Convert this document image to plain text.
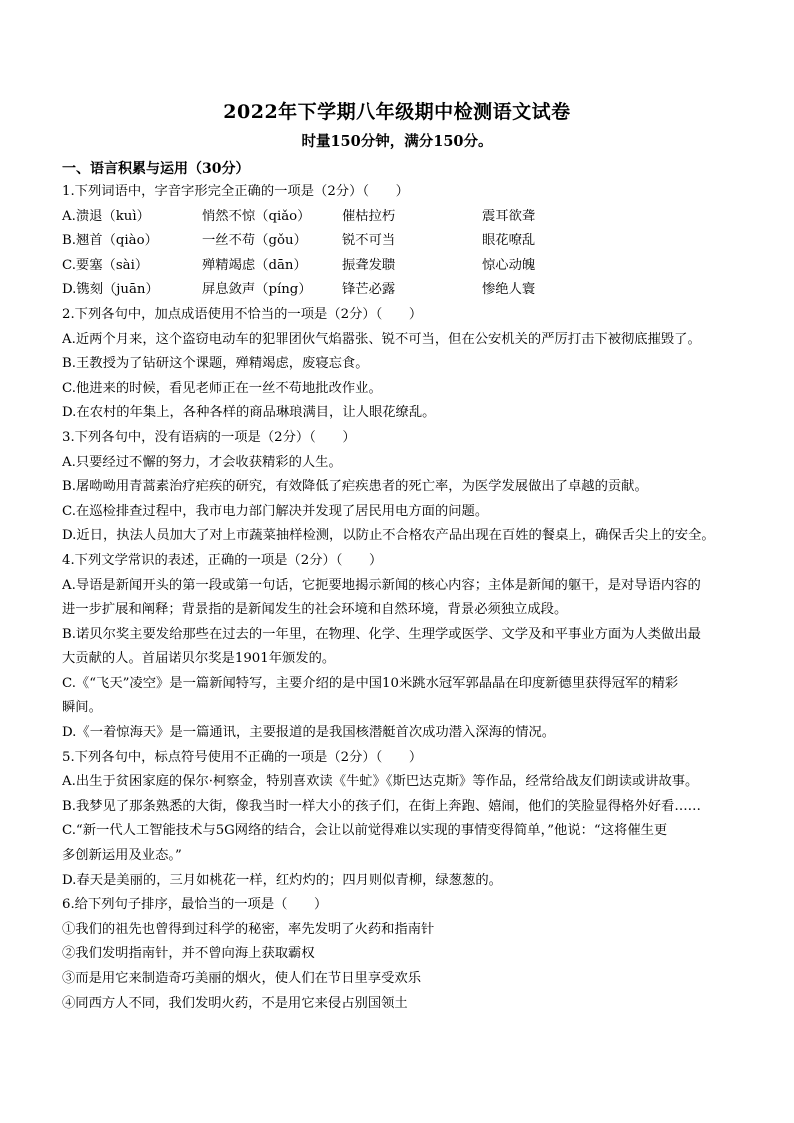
2022年下学期八年级期中检测语文试卷
时量150分钟，满分150分。
一、语言积累与运用（30分）
1.下列词语中，字音字形完全正确的一项是（2分）（　　）
A.溃退（kuì）	悄然不惊（qiǎo）	催枯拉朽	震耳欲聋
B.翘首（qiào）	一丝不苟（gǒu）	锐不可当	眼花嘹乱
C.要塞（sài）	殚精竭虑（dān）	振聋发聩	惊心动魄
D.镌刻（juān）	屏息敛声（píng）	锋芒必露	惨绝人寰
2.下列各句中，加点成语使用不恰当的一项是（2分）（　　）
A.近两个月来，这个盗窃电动车的犯罪团伙气焰嚣张、锐不可当，但在公安机关的严厉打击下被彻底摧毁了。
B.王教授为了钻研这个课题，殚精竭虑，废寝忘食。
C.他进来的时候，看见老师正在一丝不苟地批改作业。
D.在农村的年集上，各种各样的商品琳琅满目，让人眼花缭乱。
3.下列各句中，没有语病的一项是（2分）（　　）
A.只要经过不懈的努力，才会收获精彩的人生。
B.屠呦呦用青蒿素治疗疟疾的研究，有效降低了疟疾患者的死亡率，为医学发展做出了卓越的贡献。
C.在巡检排查过程中，我市电力部门解决并发现了居民用电方面的问题。
D.近日，执法人员加大了对上市蔬菜抽样检测，以防止不合格农产品出现在百姓的餐桌上，确保舌尖上的安全。
4.下列文学常识的表述，正确的一项是（2分）（　　）
A.导语是新闻开头的第一段或第一句话，它扼要地揭示新闻的核心内容；主体是新闻的躯干，是对导语内容的
进一步扩展和阐释；背景指的是新闻发生的社会环境和自然环境，背景必须独立成段。
B.诺贝尔奖主要发给那些在过去的一年里，在物理、化学、生理学或医学、文学及和平事业方面为人类做出最
大贡献的人。首届诺贝尔奖是1901年颁发的。
C.《“飞天”凌空》是一篇新闻特写，主要介绍的是中国10米跳水冠军郭晶晶在印度新德里获得冠军的精彩
瞬间。
D.《一着惊海天》是一篇通讯，主要报道的是我国核潜艇首次成功潜入深海的情况。
5.下列各句中，标点符号使用不正确的一项是（2分）（　　）
A.出生于贫困家庭的保尔·柯察金，特别喜欢读《牛虻》《斯巴达克斯》等作品，经常给战友们朗读或讲故事。
B.我梦见了那条熟悉的大街，像我当时一样大小的孩子们，在街上奔跑、嬉闹，他们的笑脸显得格外好看……
C.“新一代人工智能技术与5G网络的结合，会让以前觉得难以实现的事情变得简单，”他说：“这将催生更
多创新运用及业态。”
D.春天是美丽的，三月如桃花一样，红灼灼的；四月则似青柳，绿葱葱的。
6.给下列句子排序，最恰当的一项是（　　）
①我们的祖先也曾得到过科学的秘密，率先发明了火药和指南针
②我们发明指南针，并不曾向海上获取霸权
③而是用它来制造奇巧美丽的烟火，使人们在节日里享受欢乐
④同西方人不同，我们发明火药，不是用它来侵占别国领土
